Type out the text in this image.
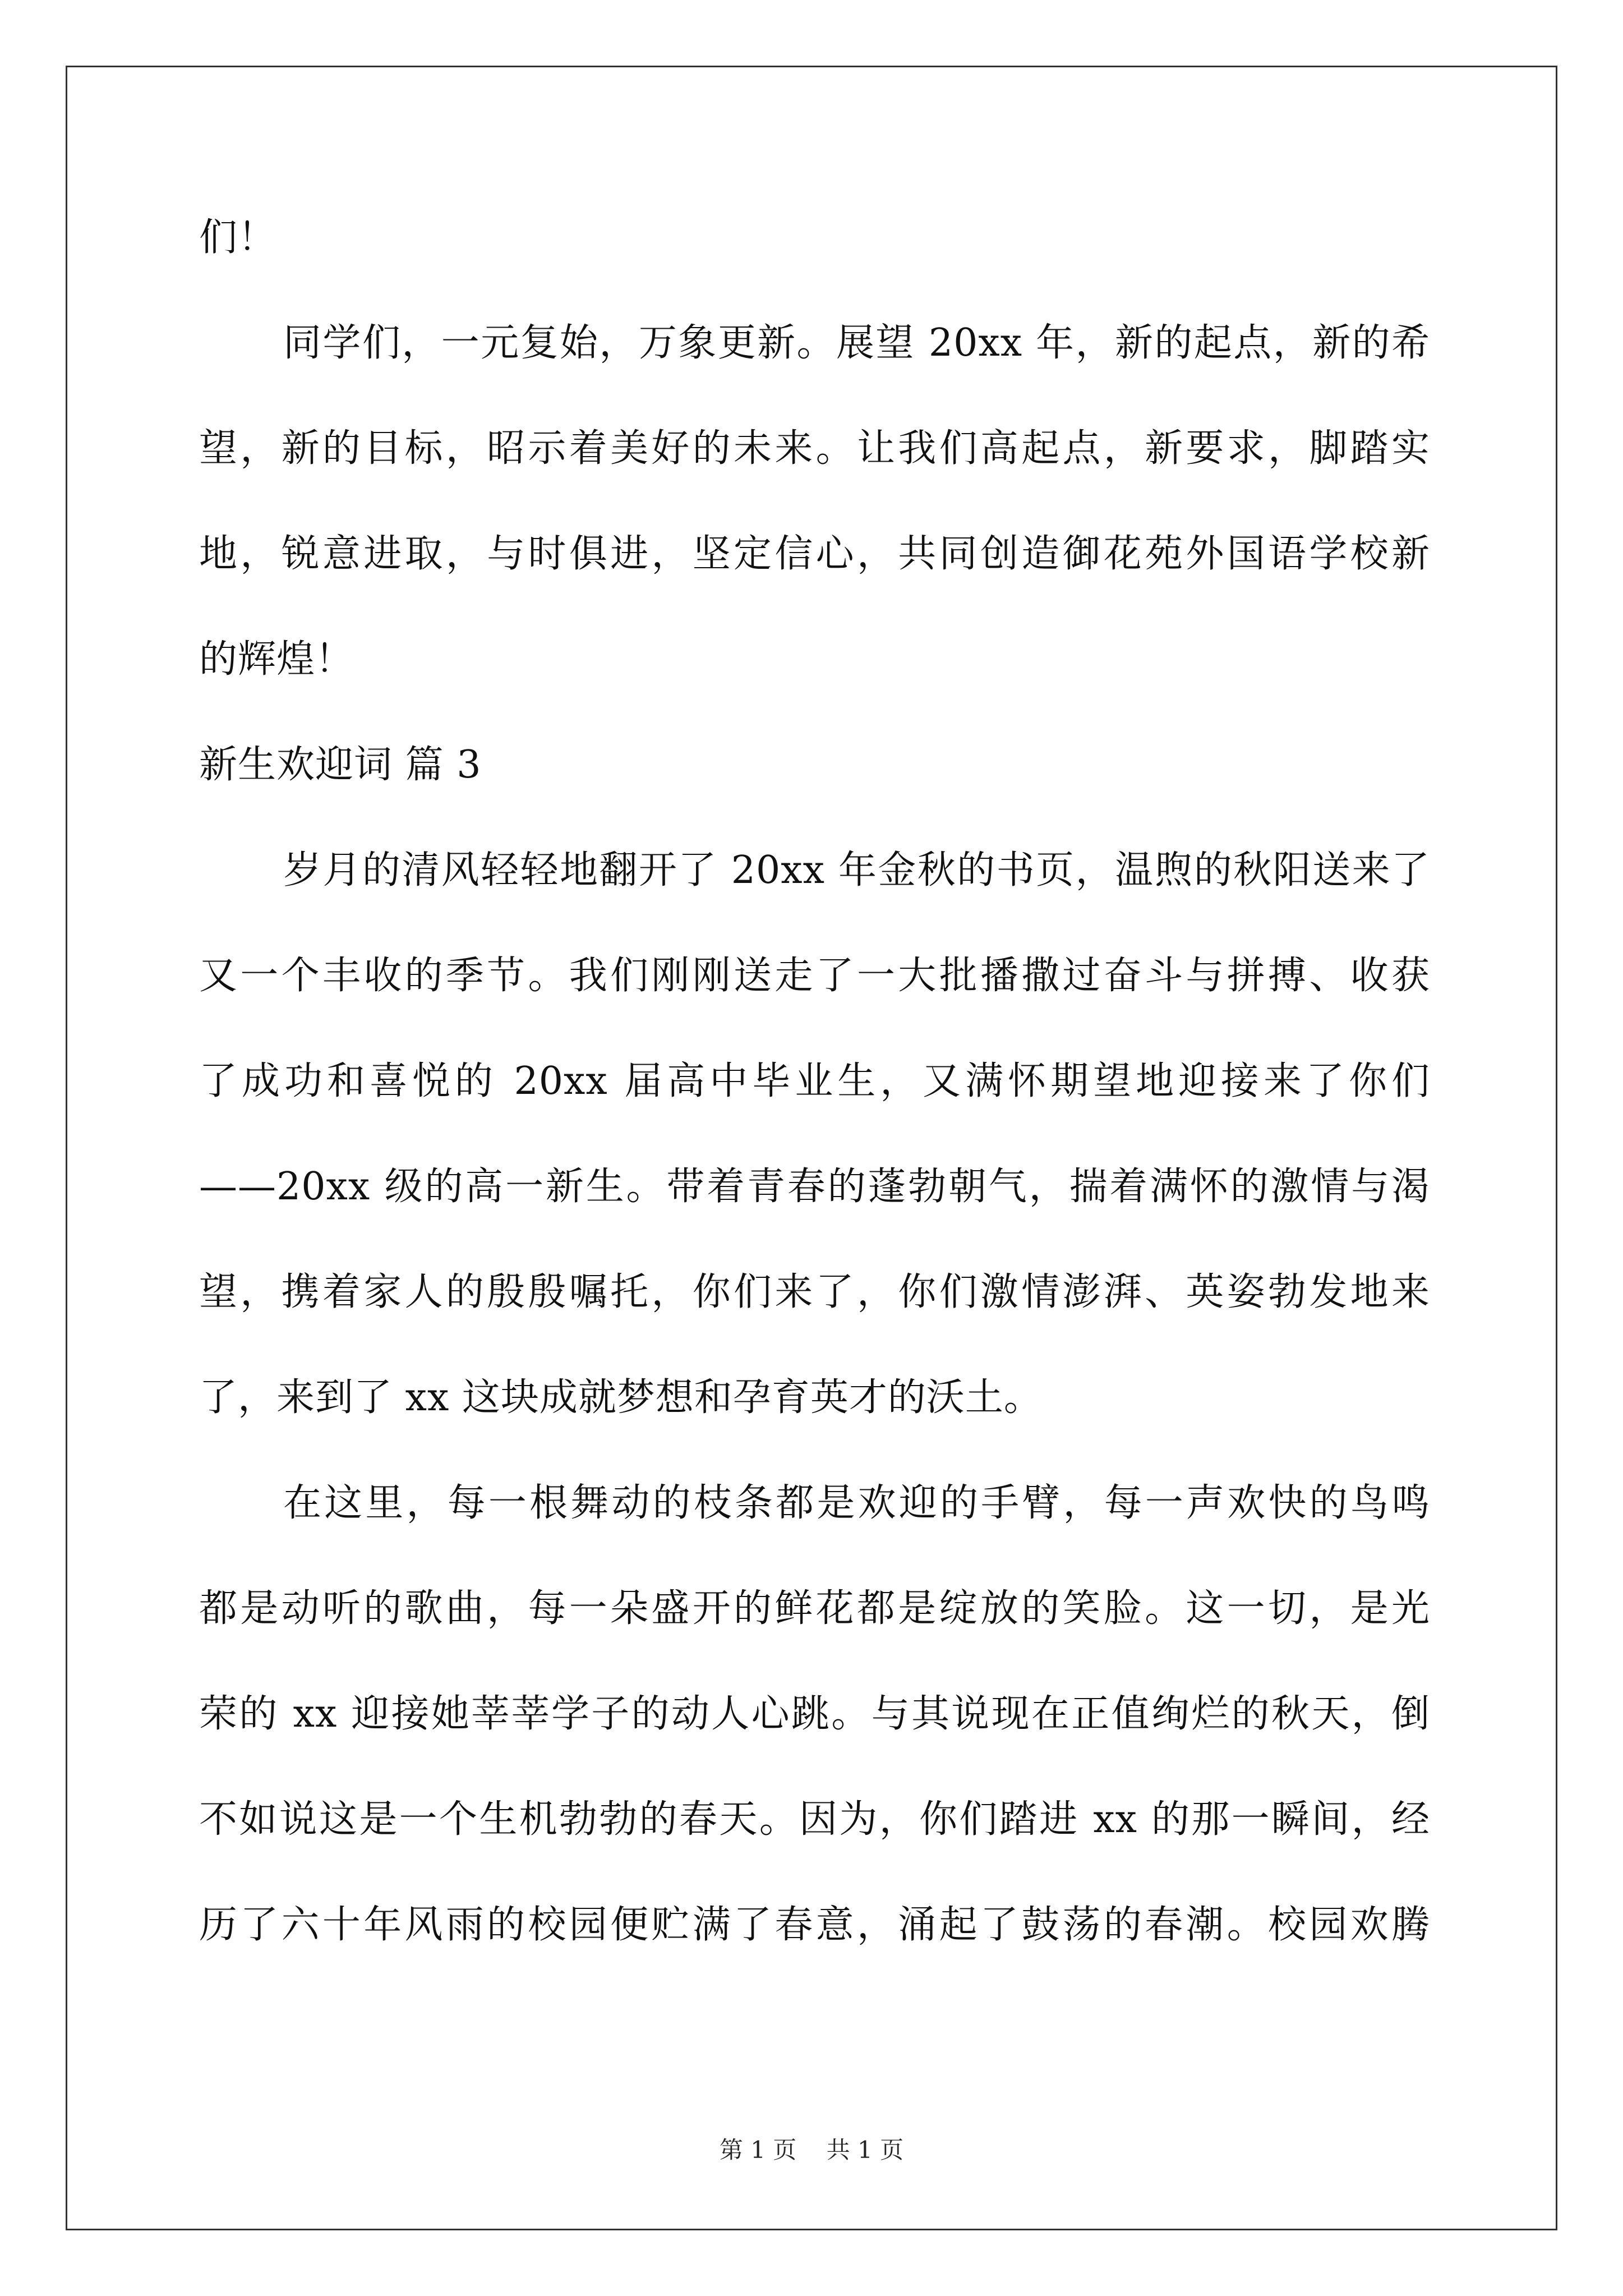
们！
同学们，一元复始，万象更新。展望 20xx 年，新的起点，新的希
望，新的目标，昭示着美好的未来。让我们高起点，新要求，脚踏实
地，锐意进取，与时俱进，坚定信心，共同创造御花苑外国语学校新
的辉煌！
新生欢迎词 篇 3
岁月的清风轻轻地翻开了 20xx 年金秋的书页，温煦的秋阳送来了
又一个丰收的季节。我们刚刚送走了一大批播撒过奋斗与拼搏、收获
了成功和喜悦的 20xx 届高中毕业生，又满怀期望地迎接来了你们
——20xx 级的高一新生。带着青春的蓬勃朝气，揣着满怀的激情与渴
望，携着家人的殷殷嘱托，你们来了，你们激情澎湃、英姿勃发地来
了，来到了 xx 这块成就梦想和孕育英才的沃土。
在这里，每一根舞动的枝条都是欢迎的手臂，每一声欢快的鸟鸣
都是动听的歌曲，每一朵盛开的鲜花都是绽放的笑脸。这一切，是光
荣的 xx 迎接她莘莘学子的动人心跳。与其说现在正值绚烂的秋天，倒
不如说这是一个生机勃勃的春天。因为，你们踏进 xx 的那一瞬间，经
历了六十年风雨的校园便贮满了春意，涌起了鼓荡的春潮。校园欢腾
第 1 页 共 1 页
